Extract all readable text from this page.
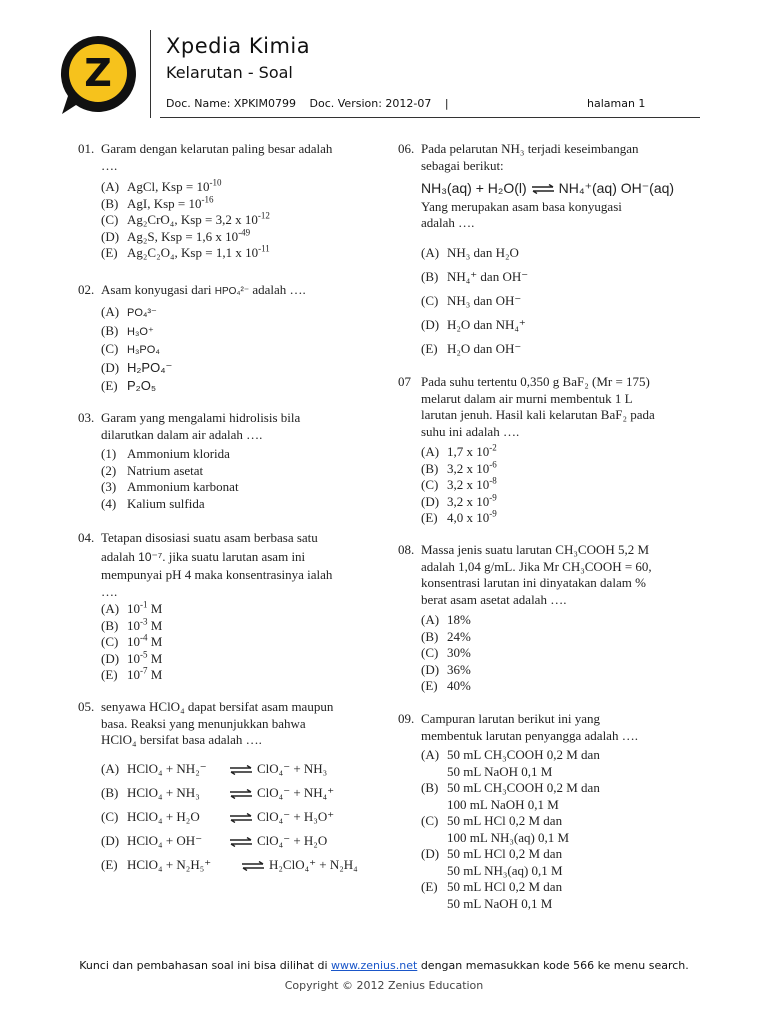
Z
Xpedia Kimia
Kelarutan - Soal
Doc. Name: XPKIM0799 Doc. Version: 2012-07 |	halaman 1
01. Garam dengan kelarutan paling besar adalah
….
(A) AgCl, Ksp = $10^{-10}$
(B) AgI, Ksp = $10^{-16}$
(C) Ag₂CrO₄, Ksp = 3,2 x $10^{-12}$
(D) Ag₂S, Ksp = 1,6 x $10^{-49}$
(E) Ag₂C₂O₄, Ksp = 1,1 x $10^{-11}$
02. Asam konyugasi dari HPO₄²⁻ adalah ….
(A) PO₄³⁻
(B) H₃O⁺
(C) H₃PO₄
(D) H₂PO₄⁻
(E) P₂O₅
03. Garam yang mengalami hidrolisis bila
dilarutkan dalam air adalah ….
(1) Ammonium klorida
(2) Natrium asetat
(3) Ammonium karbonat
(4) Kalium sulfida
04. Tetapan disosiasi suatu asam berbasa satu
adalah 10⁻⁷. jika suatu larutan asam ini
mempunyai pH 4 maka konsentrasinya ialah
….
(A) $10^{-1}$ M
(B) $10^{-3}$ M
(C) $10^{-4}$ M
(D) $10^{-5}$ M
(E) $10^{-7}$ M
05. senyawa HClO₄ dapat bersifat asam maupun
basa. Reaksi yang menunjukkan bahwa
HClO₄ bersifat basa adalah ….
(A) HClO₄ + NH₂⁻ ⇌ ClO₄⁻ + NH₃
(B) HClO₄ + NH₃ ⇌ ClO₄⁻ + NH₄⁺
(C) HClO₄ + H₂O ⇌ ClO₄⁻ + H₃O⁺
(D) HClO₄ + OH⁻ ⇌ ClO₄⁻ + H₂O
(E) HClO₄ + N₂H₅⁺ ⇌ H₂ClO₄⁺ + N₂H₄
06. Pada pelarutan NH₃ terjadi keseimbangan
sebagai berikut:
NH₃(aq) + H₂O(l) ⇌ NH₄⁺(aq) OH⁻(aq)
Yang merupakan asam basa konyugasi
adalah ….
(A) NH₃ dan H₂O
(B) NH₄⁺ dan OH⁻
(C) NH₃ dan OH⁻
(D) H₂O dan NH₄⁺
(E) H₂O dan OH⁻
07 Pada suhu tertentu 0,350 g BaF₂ (Mr = 175)
melarut dalam air murni membentuk 1 L
larutan jenuh. Hasil kali kelarutan BaF₂ pada
suhu ini adalah ….
(A) 1,7 x $10^{-2}$
(B) 3,2 x $10^{-6}$
(C) 3,2 x $10^{-8}$
(D) 3,2 x $10^{-9}$
(E) 4,0 x $10^{-9}$
08. Massa jenis suatu larutan CH₃COOH 5,2 M
adalah 1,04 g/mL. Jika Mr CH₃COOH = 60,
konsentrasi larutan ini dinyatakan dalam %
berat asam asetat adalah ….
(A) 18%
(B) 24%
(C) 30%
(D) 36%
(E) 40%
09. Campuran larutan berikut ini yang
membentuk larutan penyangga adalah ….
(A) 50 mL CH₃COOH 0,2 M dan
50 mL NaOH 0,1 M
(B) 50 mL CH₃COOH 0,2 M dan
100 mL NaOH 0,1 M
(C) 50 mL HCl 0,2 M dan
100 mL NH₃(aq) 0,1 M
(D) 50 mL HCl 0,2 M dan
50 mL NH₃(aq) 0,1 M
(E) 50 mL HCl 0,2 M dan
50 mL NaOH 0,1 M
Kunci dan pembahasan soal ini bisa dilihat di www.zenius.net dengan memasukkan kode 566 ke menu search.
Copyright © 2012 Zenius Education
